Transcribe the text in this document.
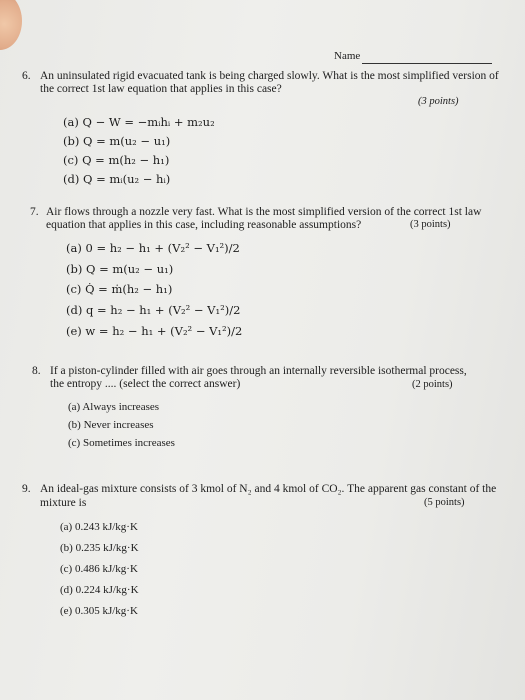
Name
6. An uninsulated rigid evacuated tank is being charged slowly. What is the most simplified version of
the correct 1st law equation that applies in this case?
(3 points)
(a) Q − W = −mᵢhᵢ + m₂u₂
(b) Q = m(u₂ − u₁)
(c) Q = m(h₂ − h₁)
(d) Q = mᵢ(u₂ − hᵢ)
7. Air flows through a nozzle very fast. What is the most simplified version of the correct 1st law
equation that applies in this case, including reasonable assumptions?	(3 points)
(a) 0 = h₂ − h₁ + (V₂² − V₁²)/2
(b) Q = m(u₂ − u₁)
(c) Q̇ = ṁ(h₂ − h₁)
(d) q = h₂ − h₁ + (V₂² − V₁²)/2
(e) w = h₂ − h₁ + (V₂² − V₁²)/2
8. If a piston-cylinder filled with air goes through an internally reversible isothermal process,
the entropy .... (select the correct answer)	(2 points)
(a) Always increases
(b) Never increases
(c) Sometimes increases
9. An ideal-gas mixture consists of 3 kmol of N₂ and 4 kmol of CO₂. The apparent gas constant of the
mixture is	(5 points)
(a) 0.243 kJ/kg·K
(b) 0.235 kJ/kg·K
(c) 0.486 kJ/kg·K
(d) 0.224 kJ/kg·K
(e) 0.305 kJ/kg·K
